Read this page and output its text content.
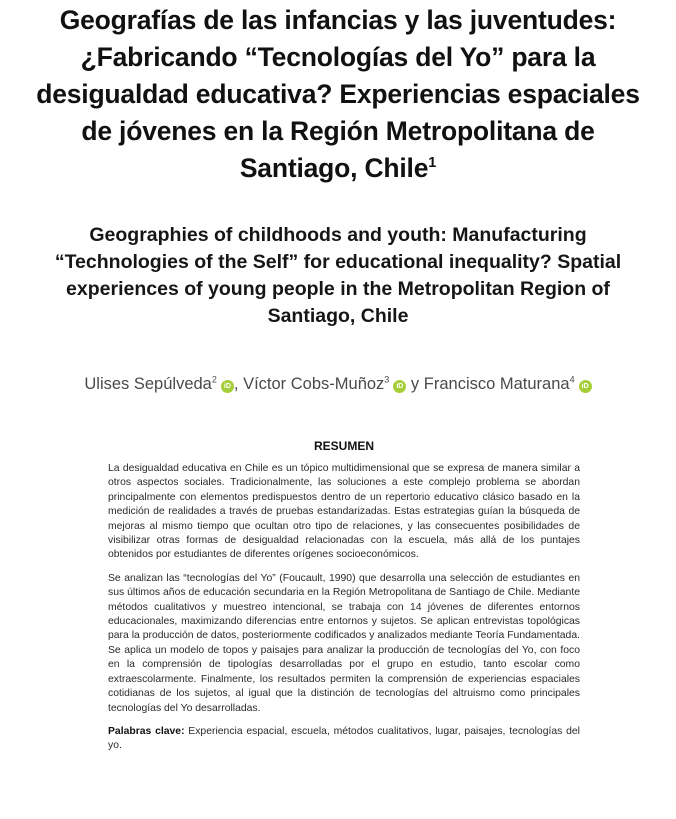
Geografías de las infancias y las juventudes: ¿Fabricando “Tecnologías del Yo” para la desigualdad educativa? Experiencias espaciales de jóvenes en la Región Metropolitana de Santiago, Chile$^1$
Geographies of childhoods and youth: Manufacturing “Technologies of the Self” for educational inequality? Spatial experiences of young people in the Metropolitan Region of Santiago, Chile
Ulises Sepúlveda$^2$iD , Víctor Cobs-Muñoz$^3$iD y Francisco Maturana$^4$iD
RESUMEN

La desigualdad educativa en Chile es un tópico multidimensional que se expresa de manera similar a otros aspectos sociales. Tradicionalmente, las soluciones a este complejo problema se abordan principalmente con elementos predispuestos dentro de un repertorio educativo clásico basado en la medición de realidades a través de pruebas estandarizadas. Estas estrategias guían la búsqueda de mejoras al mismo tiempo que ocultan otro tipo de relaciones, y las consecuentes posibilidades de visibilizar otras formas de desigualdad relacionadas con la escuela, más allá de los puntajes obtenidos por estudiantes de diferentes orígenes socioeconómicos.

Se analizan las “tecnologías del Yo” (Foucault, 1990) que desarrolla una selección de estudiantes en sus últimos años de educación secundaria en la Región Metropolitana de Santiago de Chile. Mediante métodos cualitativos y muestreo intencional, se trabaja con 14 jóvenes de diferentes entornos educacionales, maximizando diferencias entre entornos y sujetos. Se aplican entrevistas topológicas para la producción de datos, posteriormente codificados y analizados mediante Teoría Fundamentada. Se aplica un modelo de topos y paisajes para analizar la producción de tecnologías del Yo, con foco en la comprensión de tipologías desarrolladas por el grupo en estudio, tanto escolar como extraescolarmente. Finalmente, los resultados permiten la comprensión de experiencias espaciales cotidianas de los sujetos, al igual que la distinción de tecnologías del altruismo como principales tecnologías del Yo desarrolladas.

Palabras clave: Experiencia espacial, escuela, métodos cualitativos, lugar, paisajes, tecnologías del yo.
